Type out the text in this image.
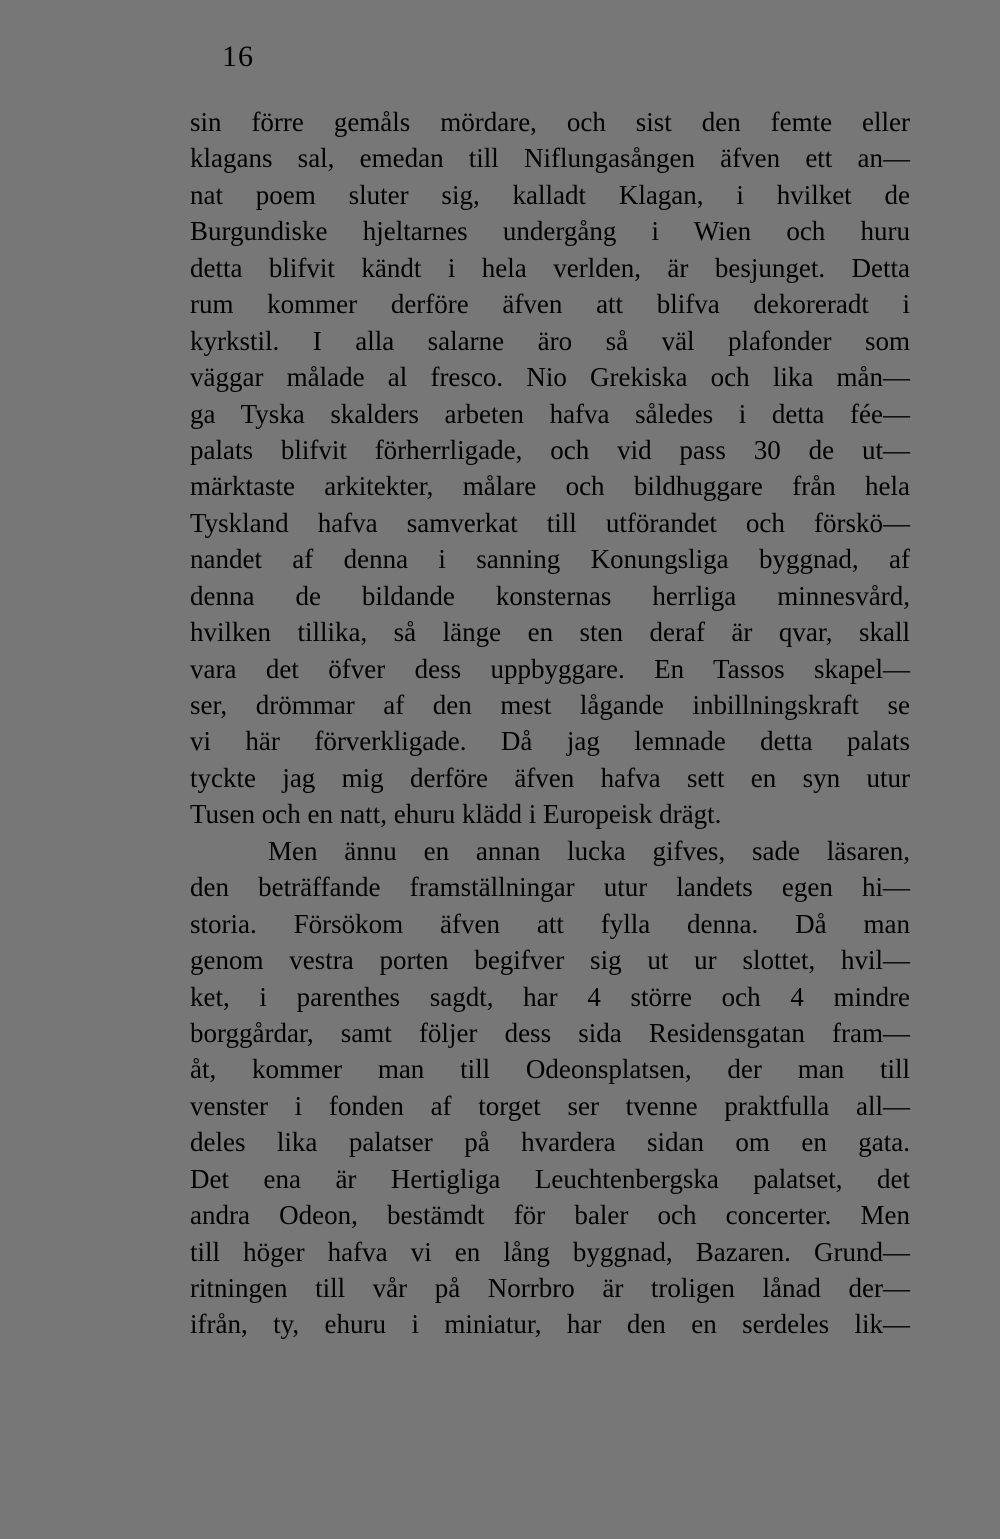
16
sin förre gemåls mördare, och sist den femte eller
klagans sal, emedan till Niflungasången äfven ett an—
nat poem sluter sig, kalladt Klagan, i hvilket de
Burgundiske hjeltarnes undergång i Wien och huru
detta blifvit kändt i hela verlden, är besjunget. Detta
rum kommer derföre äfven att blifva dekoreradt i
kyrkstil. I alla salarne äro så väl plafonder som
väggar målade al fresco. Nio Grekiska och lika mån—
ga Tyska skalders arbeten hafva således i detta fée—
palats blifvit förherrligade, och vid pass 30 de ut—
märktaste arkitekter, målare och bildhuggare från hela
Tyskland hafva samverkat till utförandet och förskö—
nandet af denna i sanning Konungsliga byggnad, af
denna de bildande konsternas herrliga minnesvård,
hvilken tillika, så länge en sten deraf är qvar, skall
vara det öfver dess uppbyggare. En Tassos skapel—
ser, drömmar af den mest lågande inbillningskraft se
vi här förverkligade. Då jag lemnade detta palats
tyckte jag mig derföre äfven hafva sett en syn utur
Tusen och en natt, ehuru klädd i Europeisk drägt.
Men ännu en annan lucka gifves, sade läsaren,
den beträffande framställningar utur landets egen hi—
storia. Försökom äfven att fylla denna. Då man
genom vestra porten begifver sig ut ur slottet, hvil—
ket, i parenthes sagdt, har 4 större och 4 mindre
borggårdar, samt följer dess sida Residensgatan fram—
åt, kommer man till Odeonsplatsen, der man till
venster i fonden af torget ser tvenne praktfulla all—
deles lika palatser på hvardera sidan om en gata.
Det ena är Hertigliga Leuchtenbergska palatset, det
andra Odeon, bestämdt för baler och concerter. Men
till höger hafva vi en lång byggnad, Bazaren. Grund—
ritningen till vår på Norrbro är troligen lånad der—
ifrån, ty, ehuru i miniatur, har den en serdeles lik—
